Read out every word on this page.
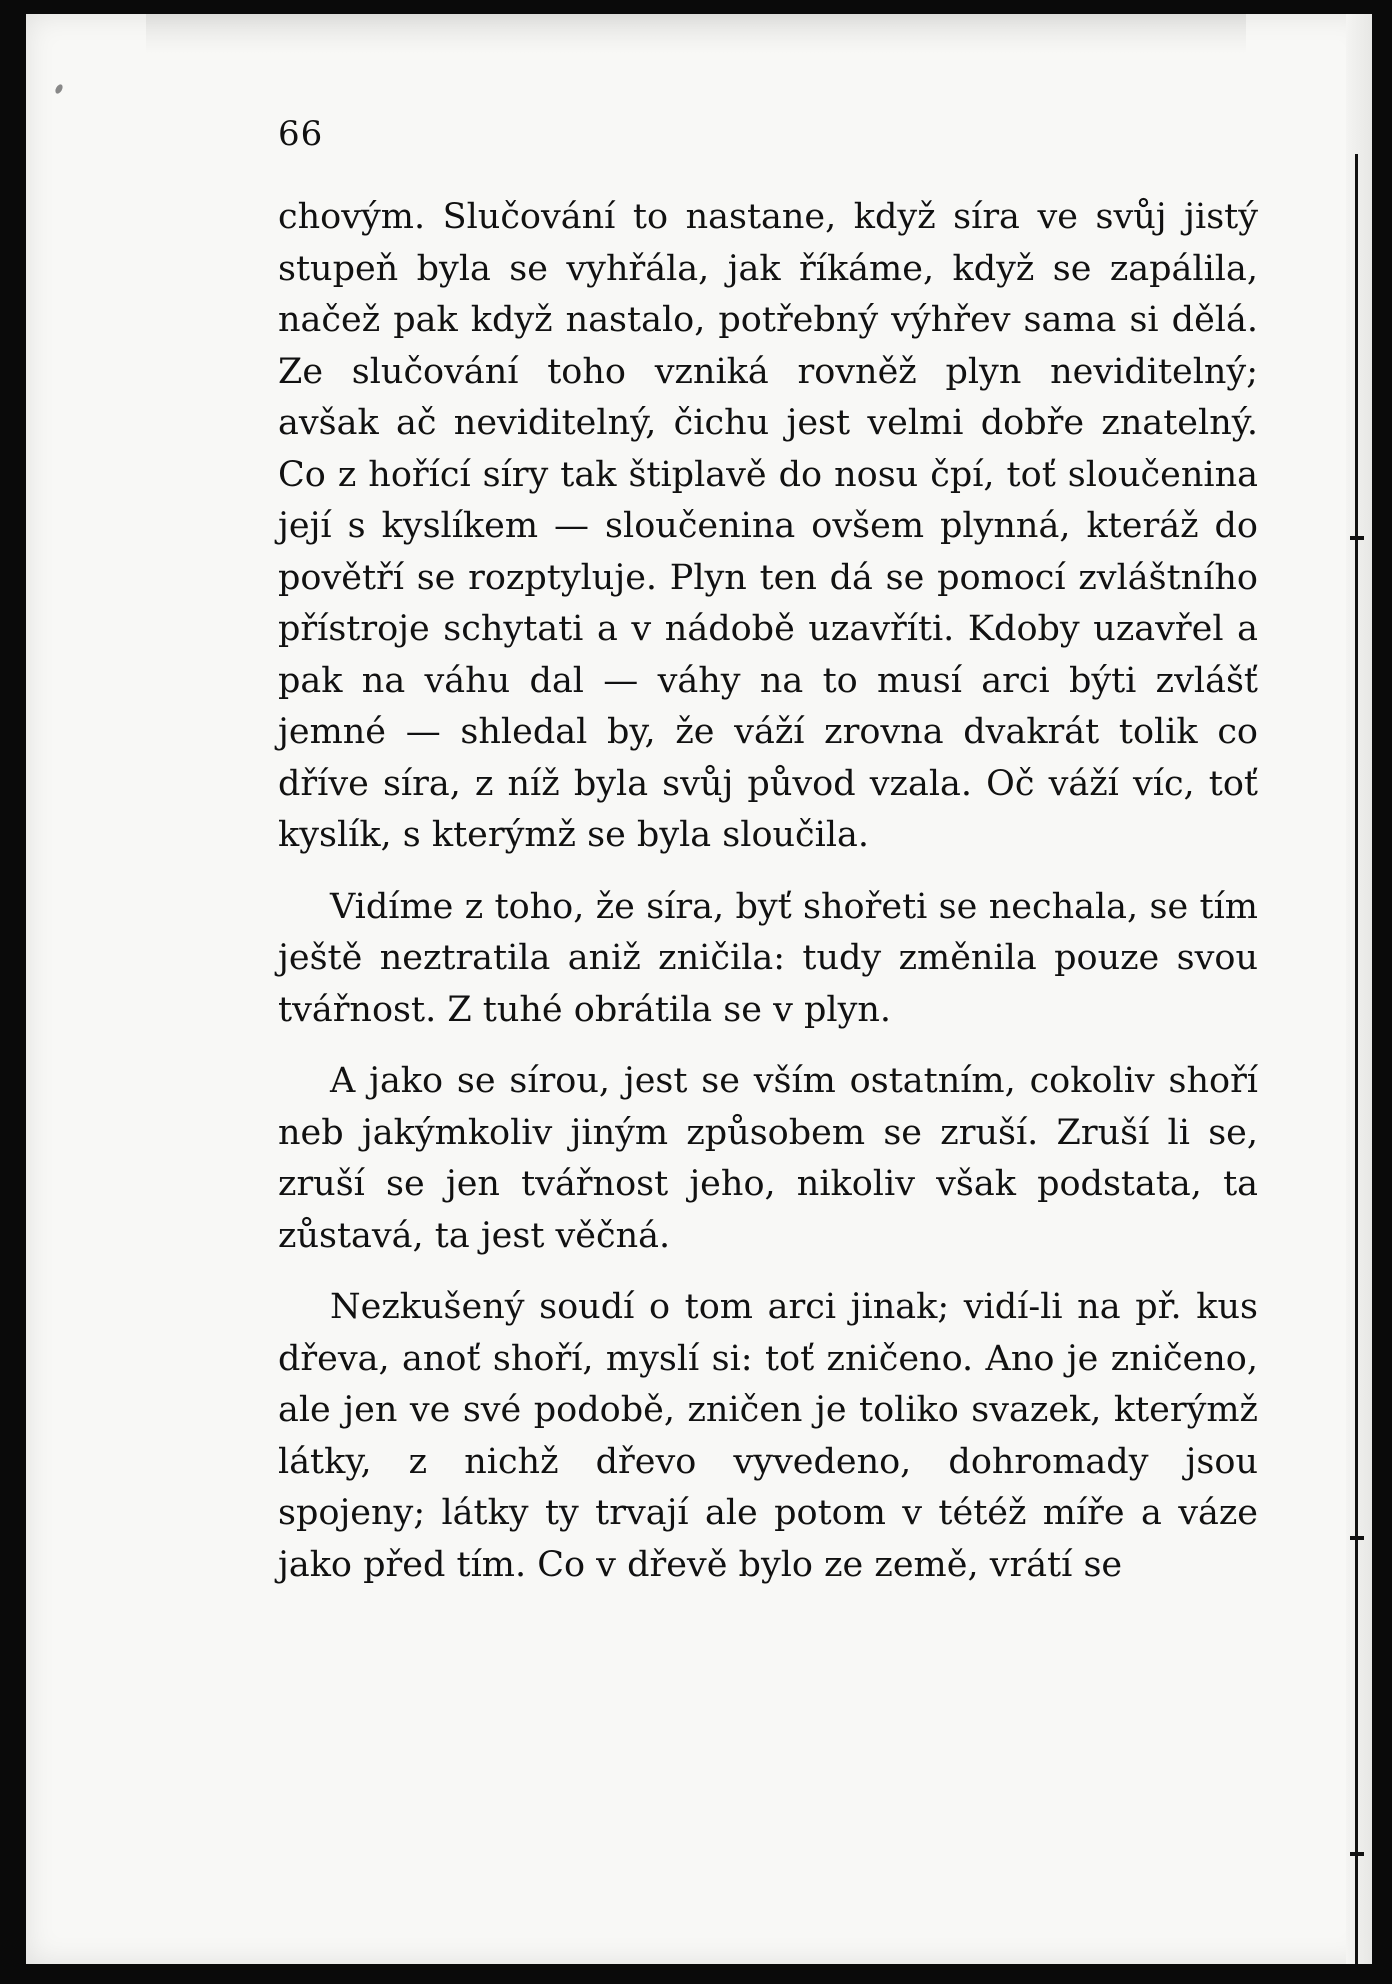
66

chovým. Slučování to nastane, když síra ve svůj jistý stupeň byla se vyhřála, jak říkáme, když se zapálila, načež pak když nastalo, potřebný výhřev sama si dělá. Ze slučování toho vzniká rovněž plyn neviditelný; avšak ač neviditelný, čichu jest velmi dobře znatelný. Co z hořící síry tak štiplavě do nosu čpí, toť sloučenina její s kyslíkem — sloučenina ovšem plynná, kteráž do povětří se rozptyluje. Plyn ten dá se pomocí zvláštního přístroje schytati a v nádobě uzavříti. Kdoby uzavřel a pak na váhu dal — váhy na to musí arci býti zvlášť jemné — shledal by, že váží zrovna dvakrát tolik co dříve síra, z níž byla svůj původ vzala. Oč váží víc, toť kyslík, s kterýmž se byla sloučila.

Vidíme z toho, že síra, byť shořeti se nechala, se tím ještě neztratila aniž zničila: tudy změnila pouze svou tvářnost. Z tuhé obrátila se v plyn.

A jako se sírou, jest se vším ostatním, cokoliv shoří neb jakýmkoliv jiným způsobem se zruší. Zruší li se, zruší se jen tvářnost jeho, nikoliv však podstata, ta zůstavá, ta jest věčná.

Nezkušený soudí o tom arci jinak; vidí-li na př. kus dřeva, anoť shoří, myslí si: toť zničeno. Ano je zničeno, ale jen ve své podobě, zničen je toliko svazek, kterýmž látky, z nichž dřevo vyvedeno, dohromady jsou spojeny; látky ty trvají ale potom v tétéž míře a váze jako před tím. Co v dřevě bylo ze země, vrátí se
